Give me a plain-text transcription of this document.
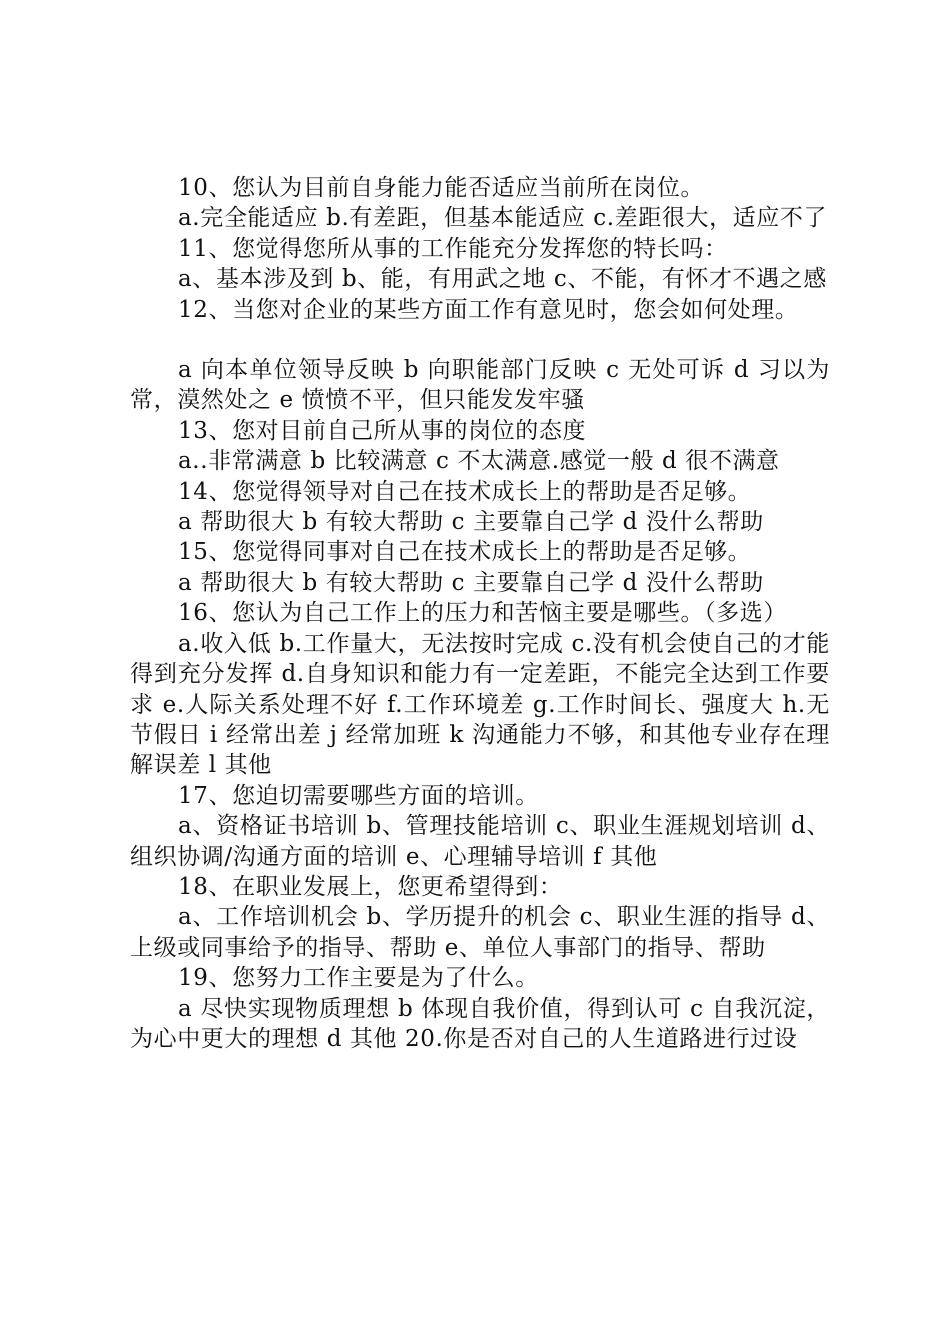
10、您认为目前自身能力能否适应当前所在岗位。

a.完全能适应 b.有差距，但基本能适应 c.差距很大，适应不了

11、您觉得您所从事的工作能充分发挥您的特长吗：

a、基本涉及到 b、能，有用武之地 c、不能，有怀才不遇之感

12、当您对企业的某些方面工作有意见时，您会如何处理。

a 向本单位领导反映 b 向职能部门反映 c 无处可诉 d 习以为常，漠然处之 e 愤愤不平，但只能发发牢骚

13、您对目前自己所从事的岗位的态度

a..非常满意 b 比较满意 c 不太满意.感觉一般 d 很不满意

14、您觉得领导对自己在技术成长上的帮助是否足够。

a 帮助很大 b 有较大帮助 c 主要靠自己学 d 没什么帮助

15、您觉得同事对自己在技术成长上的帮助是否足够。

a 帮助很大 b 有较大帮助 c 主要靠自己学 d 没什么帮助

16、您认为自己工作上的压力和苦恼主要是哪些。（多选）

a.收入低 b.工作量大，无法按时完成 c.没有机会使自己的才能得到充分发挥 d.自身知识和能力有一定差距，不能完全达到工作要求 e.人际关系处理不好 f.工作环境差 g.工作时间长、强度大 h.无节假日 i 经常出差 j 经常加班 k 沟通能力不够，和其他专业存在理解误差 l 其他

17、您迫切需要哪些方面的培训。

a、资格证书培训 b、管理技能培训 c、职业生涯规划培训 d、组织协调/沟通方面的培训 e、心理辅导培训 f 其他

18、在职业发展上，您更希望得到：

a、工作培训机会 b、学历提升的机会 c、职业生涯的指导 d、上级或同事给予的指导、帮助 e、单位人事部门的指导、帮助

19、您努力工作主要是为了什么。

a 尽快实现物质理想 b 体现自我价值，得到认可 c 自我沉淀，为心中更大的理想 d 其他 20.你是否对自己的人生道路进行过设
